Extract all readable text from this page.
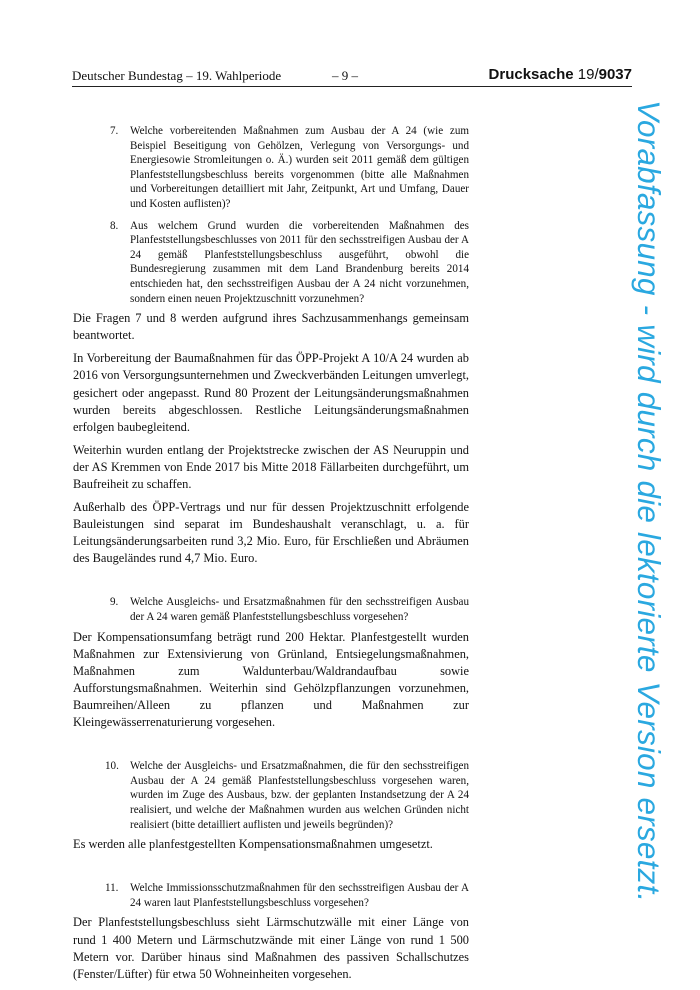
Deutscher Bundestag – 19. Wahlperiode	– 9 –	Drucksache 19/9037
7. Welche vorbereitenden Maßnahmen zum Ausbau der A 24 (wie zum Beispiel Beseitigung von Gehölzen, Verlegung von Versorgungs- und Energiesowie Stromleitungen o. Ä.) wurden seit 2011 gemäß dem gültigen Planfeststellungsbeschluss bereits vorgenommen (bitte alle Maßnahmen und Vorbereitungen detailliert mit Jahr, Zeitpunkt, Art und Umfang, Dauer und Kosten auflisten)?
8. Aus welchem Grund wurden die vorbereitenden Maßnahmen des Planfeststellungsbeschlusses von 2011 für den sechsstreifigen Ausbau der A 24 gemäß Planfeststellungsbeschluss ausgeführt, obwohl die Bundesregierung zusammen mit dem Land Brandenburg bereits 2014 entschieden hat, den sechsstreifigen Ausbau der A 24 nicht vorzunehmen, sondern einen neuen Projektzuschnitt vorzunehmen?

Die Fragen 7 und 8 werden aufgrund ihres Sachzusammenhangs gemeinsam beantwortet.

In Vorbereitung der Baumaßnahmen für das ÖPP-Projekt A 10/A 24 wurden ab 2016 von Versorgungsunternehmen und Zweckverbänden Leitungen umverlegt, gesichert oder angepasst. Rund 80 Prozent der Leitungsänderungsmaßnahmen wurden bereits abgeschlossen. Restliche Leitungsänderungsmaßnahmen erfolgen baubegleitend.

Weiterhin wurden entlang der Projektstrecke zwischen der AS Neuruppin und der AS Kremmen von Ende 2017 bis Mitte 2018 Fällarbeiten durchgeführt, um Baufreiheit zu schaffen.

Außerhalb des ÖPP-Vertrags und nur für dessen Projektzuschnitt erfolgende Bauleistungen sind separat im Bundeshaushalt veranschlagt, u. a. für Leitungsänderungsarbeiten rund 3,2 Mio. Euro, für Erschließen und Abräumen des Baugeländes rund 4,7 Mio. Euro.

9. Welche Ausgleichs- und Ersatzmaßnahmen für den sechsstreifigen Ausbau der A 24 waren gemäß Planfeststellungsbeschluss vorgesehen?

Der Kompensationsumfang beträgt rund 200 Hektar. Planfestgestellt wurden Maßnahmen zur Extensivierung von Grünland, Entsiegelungsmaßnahmen, Maßnahmen zum Waldunterbau/Waldrandaufbau sowie Aufforstungsmaßnahmen. Weiterhin sind Gehölzpflanzungen vorzunehmen, Baumreihen/Alleen zu pflanzen und Maßnahmen zur Kleingewässerrenaturierung vorgesehen.

10. Welche der Ausgleichs- und Ersatzmaßnahmen, die für den sechsstreifigen Ausbau der A 24 gemäß Planfeststellungsbeschluss vorgesehen waren, wurden im Zuge des Ausbaus, bzw. der geplanten Instandsetzung der A 24 realisiert, und welche der Maßnahmen wurden aus welchen Gründen nicht realisiert (bitte detailliert auflisten und jeweils begründen)?

Es werden alle planfestgestellten Kompensationsmaßnahmen umgesetzt.

11. Welche Immissionsschutzmaßnahmen für den sechsstreifigen Ausbau der A 24 waren laut Planfeststellungsbeschluss vorgesehen?

Der Planfeststellungsbeschluss sieht Lärmschutzwälle mit einer Länge von rund 1 400 Metern und Lärmschutzwände mit einer Länge von rund 1 500 Metern vor. Darüber hinaus sind Maßnahmen des passiven Schallschutzes (Fenster/Lüfter) für etwa 50 Wohneinheiten vorgesehen.

Vorabfassung - wird durch die lektorierte Version ersetzt.
